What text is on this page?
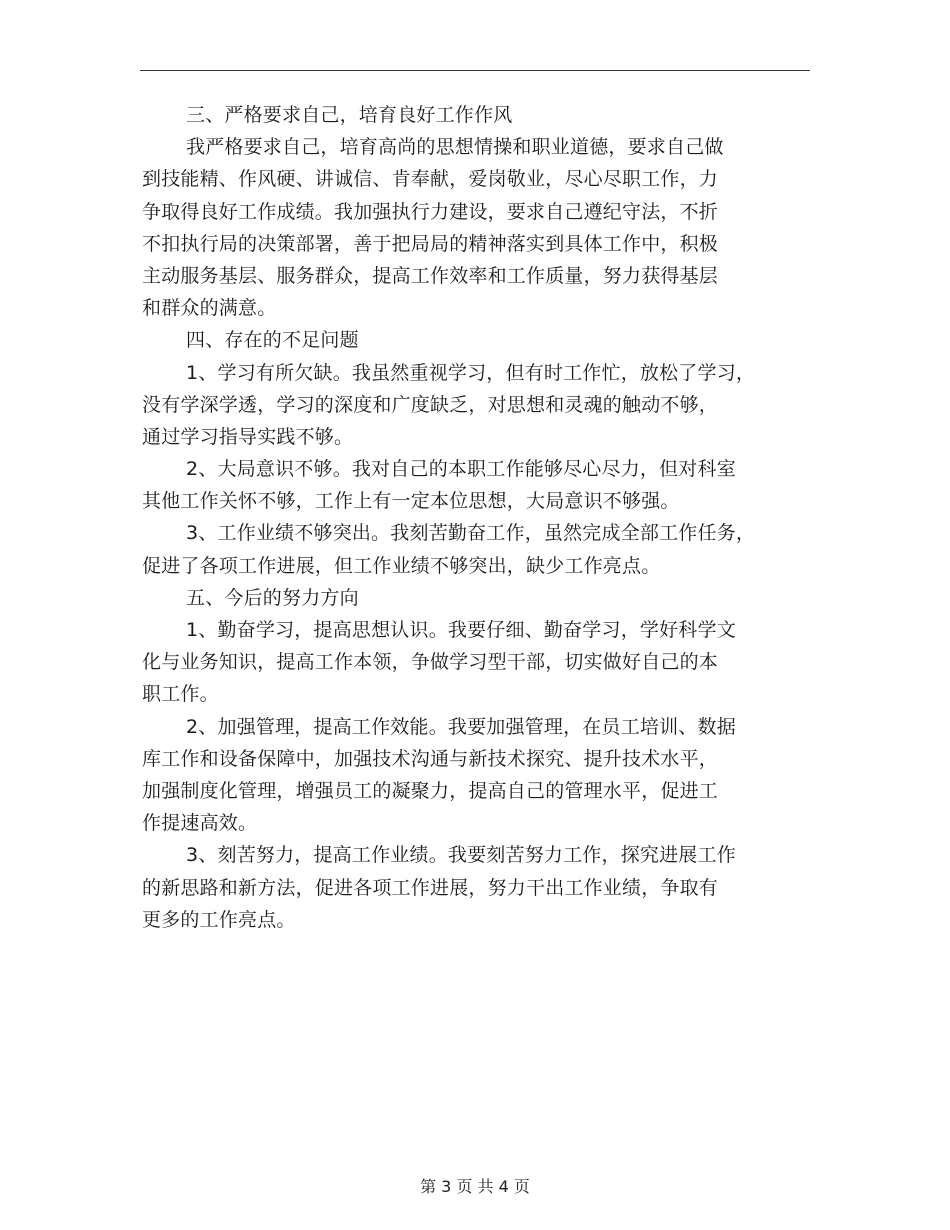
三、严格要求自己，培育良好工作作风
我严格要求自己，培育高尚的思想情操和职业道德，要求自己做
到技能精、作风硬、讲诚信、肯奉献，爱岗敬业，尽心尽职工作，力
争取得良好工作成绩。我加强执行力建设，要求自己遵纪守法，不折
不扣执行局的决策部署，善于把局局的精神落实到具体工作中，积极
主动服务基层、服务群众，提高工作效率和工作质量，努力获得基层
和群众的满意。
四、存在的不足问题
1、学习有所欠缺。我虽然重视学习，但有时工作忙，放松了学习，
没有学深学透，学习的深度和广度缺乏，对思想和灵魂的触动不够，
通过学习指导实践不够。
2、大局意识不够。我对自己的本职工作能够尽心尽力，但对科室
其他工作关怀不够，工作上有一定本位思想，大局意识不够强。
3、工作业绩不够突出。我刻苦勤奋工作，虽然完成全部工作任务，
促进了各项工作进展，但工作业绩不够突出，缺少工作亮点。
五、今后的努力方向
1、勤奋学习，提高思想认识。我要仔细、勤奋学习，学好科学文
化与业务知识，提高工作本领，争做学习型干部，切实做好自己的本
职工作。
2、加强管理，提高工作效能。我要加强管理，在员工培训、数据
库工作和设备保障中，加强技术沟通与新技术探究、提升技术水平，
加强制度化管理，增强员工的凝聚力，提高自己的管理水平，促进工
作提速高效。
3、刻苦努力，提高工作业绩。我要刻苦努力工作，探究进展工作
的新思路和新方法，促进各项工作进展，努力干出工作业绩，争取有
更多的工作亮点。
第 3 页 共 4 页
